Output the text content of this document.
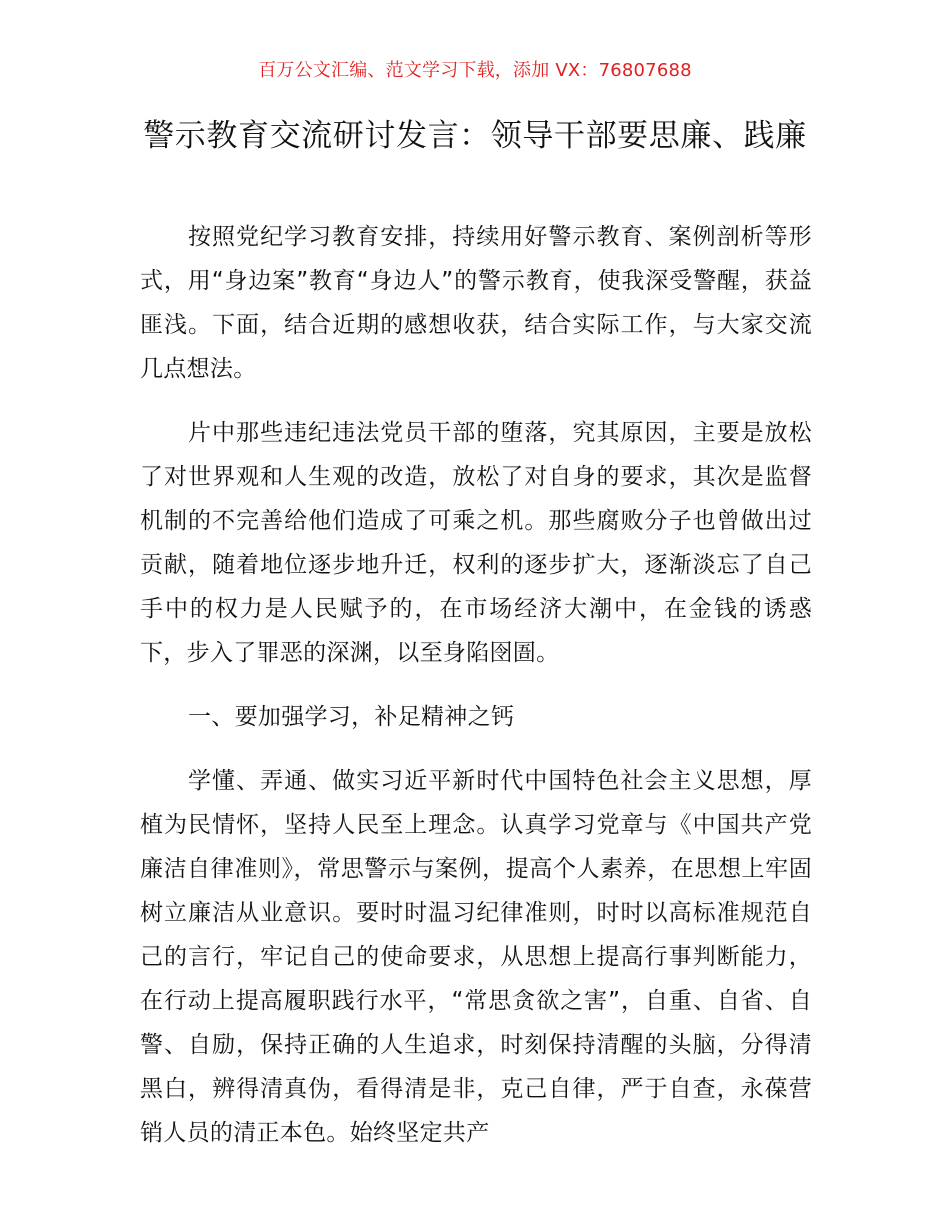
百万公文汇编、范文学习下载，添加 VX：76807688
警示教育交流研讨发言：领导干部要思廉、践廉

按照党纪学习教育安排，持续用好警示教育、案例剖析等形式，用“身边案”教育“身边人”的警示教育，使我深受警醒，获益匪浅。下面，结合近期的感想收获，结合实际工作，与大家交流几点想法。

片中那些违纪违法党员干部的堕落，究其原因，主要是放松了对世界观和人生观的改造，放松了对自身的要求，其次是监督机制的不完善给他们造成了可乘之机。那些腐败分子也曾做出过贡献，随着地位逐步地升迁，权利的逐步扩大，逐渐淡忘了自己手中的权力是人民赋予的，在市场经济大潮中，在金钱的诱惑下，步入了罪恶的深渊，以至身陷囹圄。

一、要加强学习，补足精神之钙

学懂、弄通、做实习近平新时代中国特色社会主义思想，厚植为民情怀，坚持人民至上理念。认真学习党章与《中国共产党廉洁自律准则》，常思警示与案例，提高个人素养，在思想上牢固树立廉洁从业意识。要时时温习纪律准则，时时以高标准规范自己的言行，牢记自己的使命要求，从思想上提高行事判断能力，在行动上提高履职践行水平，“常思贪欲之害”，自重、自省、自警、自励，保持正确的人生追求，时刻保持清醒的头脑，分得清黑白，辨得清真伪，看得清是非，克己自律，严于自查，永葆营销人员的清正本色。始终坚定共产
